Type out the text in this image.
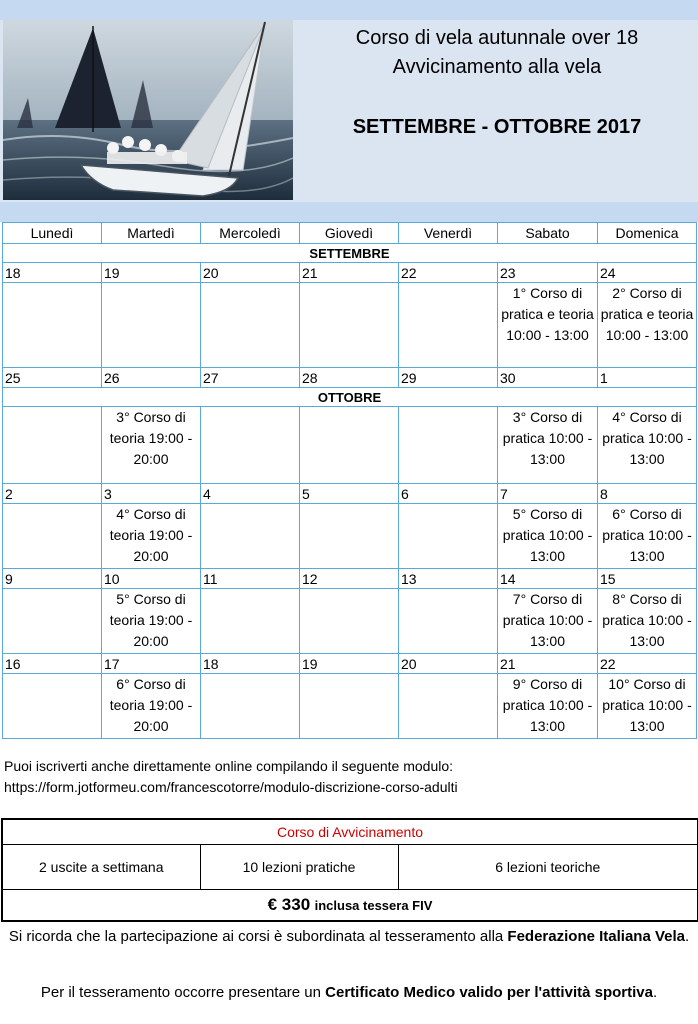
Corso di vela autunnale over 18
Avvicinamento alla vela
SETTEMBRE - OTTOBRE 2017
Lunedì	Martedì	Mercoledì	Giovedì	Venerdì	Sabato	Domenica
SETTEMBRE						
18	19	20	21	22	23	24
					1° Corso di pratica e teoria 10:00 - 13:00	2° Corso di pratica e teoria 10:00 - 13:00
25	26	27	28	29	30	1
OTTOBRE						
	3° Corso di teoria 19:00 - 20:00				3° Corso di pratica 10:00 - 13:00	4° Corso di pratica 10:00 - 13:00
2	3	4	5	6	7	8
	4° Corso di teoria 19:00 - 20:00				5° Corso di pratica 10:00 - 13:00	6° Corso di pratica 10:00 - 13:00
9	10	11	12	13	14	15
	5° Corso di teoria 19:00 - 20:00				7° Corso di pratica 10:00 - 13:00	8° Corso di pratica 10:00 - 13:00
16	17	18	19	20	21	22
	6° Corso di teoria 19:00 - 20:00				9° Corso di pratica 10:00 - 13:00	10° Corso di pratica 10:00 - 13:00
Puoi iscriverti anche direttamente online compilando il seguente modulo:
https://form.jotformeu.com/francescotorre/modulo-discrizione-corso-adulti
Corso di Avvicinamento
2 uscite a settimana	10 lezioni pratiche	6 lezioni teoriche
€ 330 inclusa tessera FIV
Si ricorda che la partecipazione ai corsi è subordinata al tesseramento alla Federazione Italiana Vela.
Per il tesseramento occorre presentare un Certificato Medico valido per l'attività sportiva.
